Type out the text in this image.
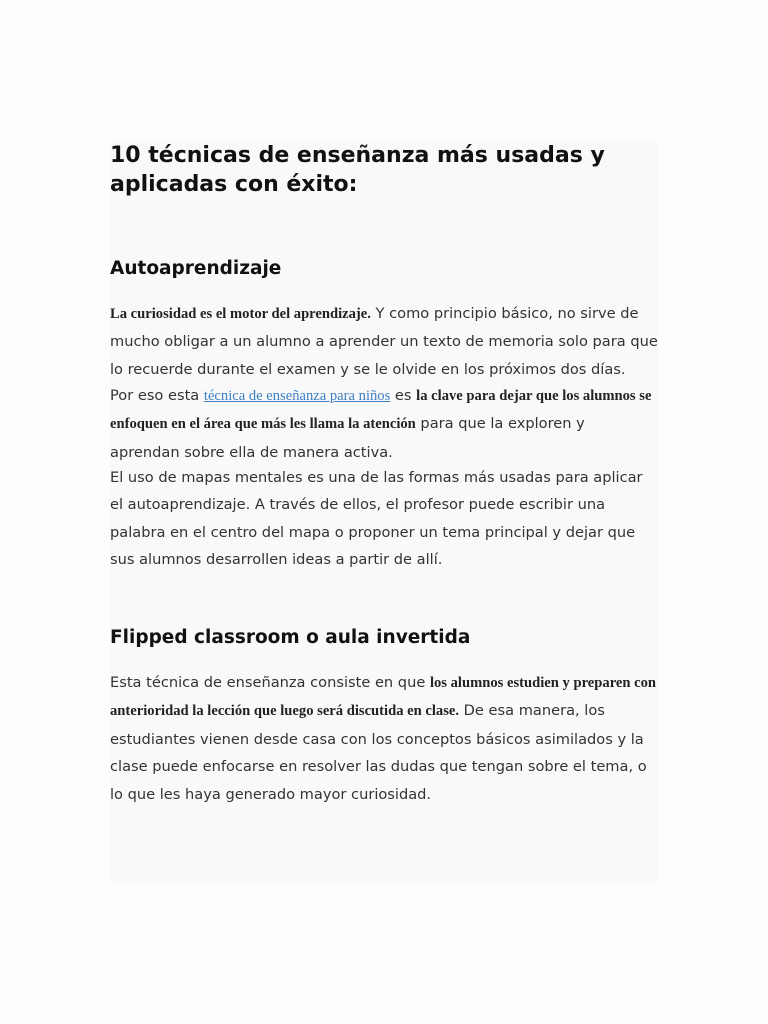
10 técnicas de enseñanza más usadas y aplicadas con éxito:
Autoaprendizaje

La curiosidad es el motor del aprendizaje. Y como principio básico, no sirve de mucho obligar a un alumno a aprender un texto de memoria solo para que lo recuerde durante el examen y se le olvide en los próximos dos días.

Por eso esta técnica de enseñanza para niños es la clave para dejar que los alumnos se enfoquen en el área que más les llama la atención para que la exploren y aprendan sobre ella de manera activa.

El uso de mapas mentales es una de las formas más usadas para aplicar el autoaprendizaje. A través de ellos, el profesor puede escribir una palabra en el centro del mapa o proponer un tema principal y dejar que sus alumnos desarrollen ideas a partir de allí.

Flipped classroom o aula invertida

Esta técnica de enseñanza consiste en que los alumnos estudien y preparen con anterioridad la lección que luego será discutida en clase. De esa manera, los estudiantes vienen desde casa con los conceptos básicos asimilados y la clase puede enfocarse en resolver las dudas que tengan sobre el tema, o lo que les haya generado mayor curiosidad.
